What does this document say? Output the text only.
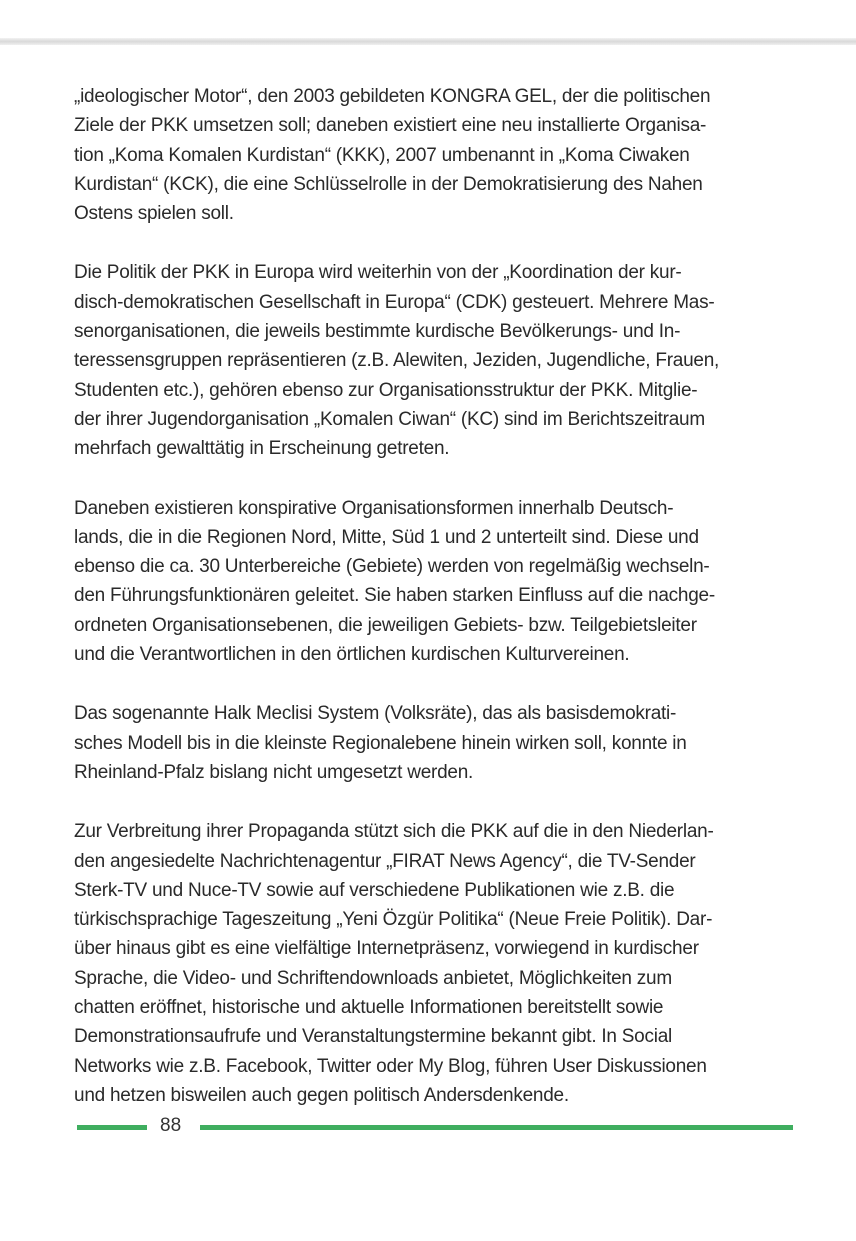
„ideologischer Motor“, den 2003 gebildeten KONGRA GEL, der die politischen
Ziele der PKK umsetzen soll; daneben existiert eine neu installierte Organisa-
tion „Koma Komalen Kurdistan“ (KKK), 2007 umbenannt in „Koma Ciwaken
Kurdistan“ (KCK), die eine Schlüsselrolle in der Demokratisierung des Nahen
Ostens spielen soll.
Die Politik der PKK in Europa wird weiterhin von der „Koordination der kur-
disch-demokratischen Gesellschaft in Europa“ (CDK) gesteuert. Mehrere Mas-
senorganisationen, die jeweils bestimmte kurdische Bevölkerungs- und In-
teressensgruppen repräsentieren (z.B. Alewiten, Jeziden, Jugendliche, Frauen,
Studenten etc.), gehören ebenso zur Organisationsstruktur der PKK. Mitglie-
der ihrer Jugendorganisation „Komalen Ciwan“ (KC) sind im Berichtszeitraum
mehrfach gewalttätig in Erscheinung getreten.
Daneben existieren konspirative Organisationsformen innerhalb Deutsch-
lands, die in die Regionen Nord, Mitte, Süd 1 und 2 unterteilt sind. Diese und
ebenso die ca. 30 Unterbereiche (Gebiete) werden von regelmäßig wechseln-
den Führungsfunktionären geleitet. Sie haben starken Einfluss auf die nachge-
ordneten Organisationsebenen, die jeweiligen Gebiets- bzw. Teilgebietsleiter
und die Verantwortlichen in den örtlichen kurdischen Kulturvereinen.
Das sogenannte Halk Meclisi System (Volksräte), das als basisdemokrati-
sches Modell bis in die kleinste Regionalebene hinein wirken soll, konnte in
Rheinland-Pfalz bislang nicht umgesetzt werden.
Zur Verbreitung ihrer Propaganda stützt sich die PKK auf die in den Niederlan-
den angesiedelte Nachrichtenagentur „FIRAT News Agency“, die TV-Sender
Sterk-TV und Nuce-TV sowie auf verschiedene Publikationen wie z.B. die
türkischsprachige Tageszeitung „Yeni Özgür Politika“ (Neue Freie Politik). Dar-
über hinaus gibt es eine vielfältige Internetpräsenz, vorwiegend in kurdischer
Sprache, die Video- und Schriftendownloads anbietet, Möglichkeiten zum
chatten eröffnet, historische und aktuelle Informationen bereitstellt sowie
Demonstrationsaufrufe und Veranstaltungstermine bekannt gibt. In Social
Networks wie z.B. Facebook, Twitter oder My Blog, führen User Diskussionen
und hetzen bisweilen auch gegen politisch Andersdenkende.
88
